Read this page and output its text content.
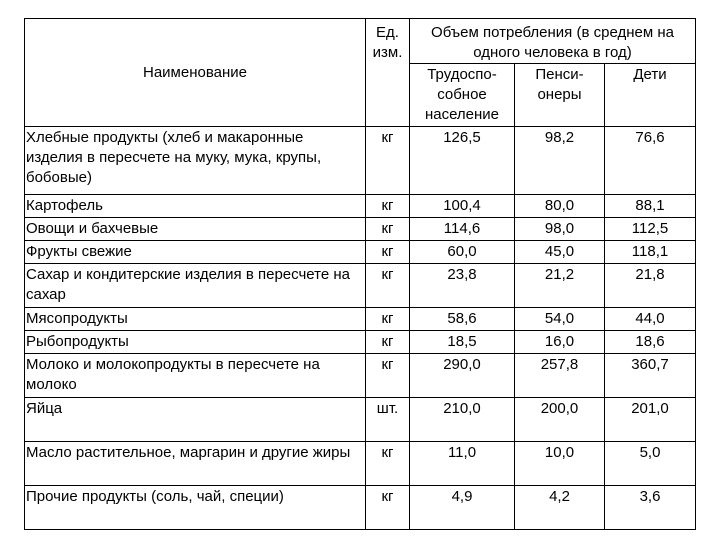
Наименование	Ед. изм.	Объем потребления (в среднем на одного человека в год)		
		Трудоспо-собное население	Пенси-онеры	Дети
Хлебные продукты (хлеб и макаронные изделия в пересчете на муку, мука, крупы, бобовые)	кг	126,5	98,2	76,6
Картофель	кг	100,4	80,0	88,1
Овощи и бахчевые	кг	114,6	98,0	112,5
Фрукты свежие	кг	60,0	45,0	118,1
Сахар и кондитерские изделия в пересчете на сахар	кг	23,8	21,2	21,8
Мясопродукты	кг	58,6	54,0	44,0
Рыбопродукты	кг	18,5	16,0	18,6
Молоко и молокопродукты в пересчете на молоко	кг	290,0	257,8	360,7
Яйца	шт.	210,0	200,0	201,0
Масло растительное, маргарин и другие жиры	кг	11,0	10,0	5,0
Прочие продукты (соль, чай, специи)	кг	4,9	4,2	3,6
